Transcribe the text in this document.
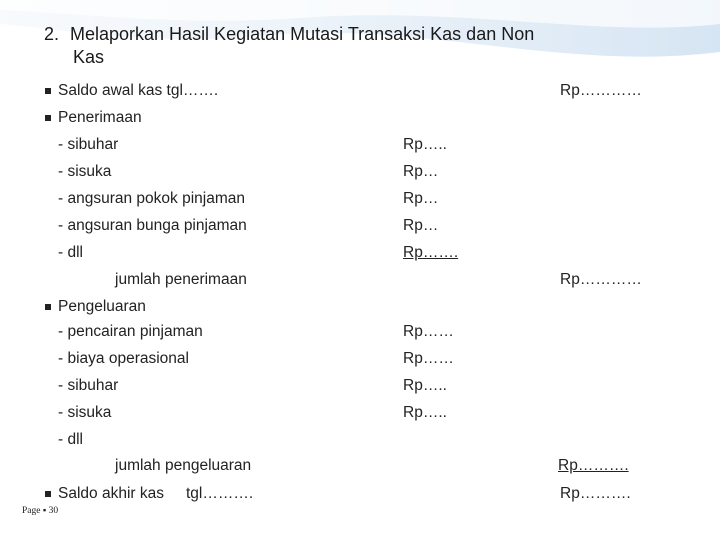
2. Melaporkan Hasil Kegiatan Mutasi Transaksi Kas dan Non
Kas
Saldo awal kas tgl…….	Rp…………
Penerimaan
- sibuhar	Rp…..
- sisuka	Rp…
- angsuran pokok pinjaman	Rp…
- angsuran bunga pinjaman	Rp…
- dll	Rp…….
jumlah penerimaan	Rp…………
Pengeluaran
- pencairan pinjaman	Rp……
- biaya operasional	Rp……
- sibuhar	Rp…..
- sisuka	Rp…..
- dll
jumlah pengeluaran	Rp……….
Saldo akhir kas tgl……….	Rp……….
Page ▪ 30
